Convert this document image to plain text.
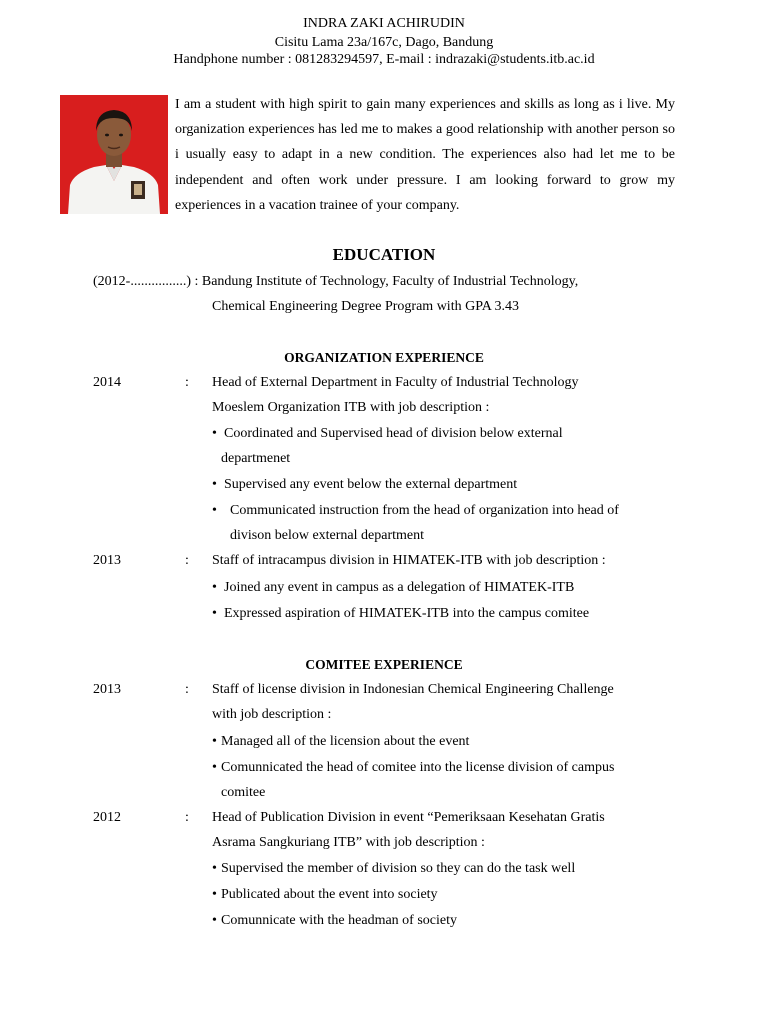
INDRA ZAKI ACHIRUDIN
Cisitu Lama 23a/167c, Dago, Bandung
Handphone number : 081283294597, E-mail : indrazaki@students.itb.ac.id
I am a student with high spirit to gain many experiences and skills as long as i live. My organization experiences has led me to makes a good relationship with another person so i usually easy to adapt in a new condition. The experiences also had let me to be independent and often work under pressure. I am looking forward to grow my experiences in a vacation trainee of your company.
EDUCATION
(2012-................) : Bandung Institute of Technology, Faculty of Industrial Technology,
Chemical Engineering Degree Program with GPA 3.43
ORGANIZATION EXPERIENCE
2014	: Head of External Department in Faculty of Industrial Technology
Moeslem Organization ITB with job description :
• Coordinated and Supervised head of division below external
departmenet
• Supervised any event below the external department
• Communicated instruction from the head of organization into head of
divison below external department
2013	: Staff of intracampus division in HIMATEK-ITB with job description :
• Joined any event in campus as a delegation of HIMATEK-ITB
• Expressed aspiration of HIMATEK-ITB into the campus comitee
COMITEE EXPERIENCE
2013	: Staff of license division in Indonesian Chemical Engineering Challenge
with job description :
• Managed all of the licension about the event
• Comunnicated the head of comitee into the license division of campus
comitee
2012	: Head of Publication Division in event “Pemeriksaan Kesehatan Gratis
Asrama Sangkuriang ITB” with job description :
• Supervised the member of division so they can do the task well
• Publicated about the event into society
• Comunnicate with the headman of society
